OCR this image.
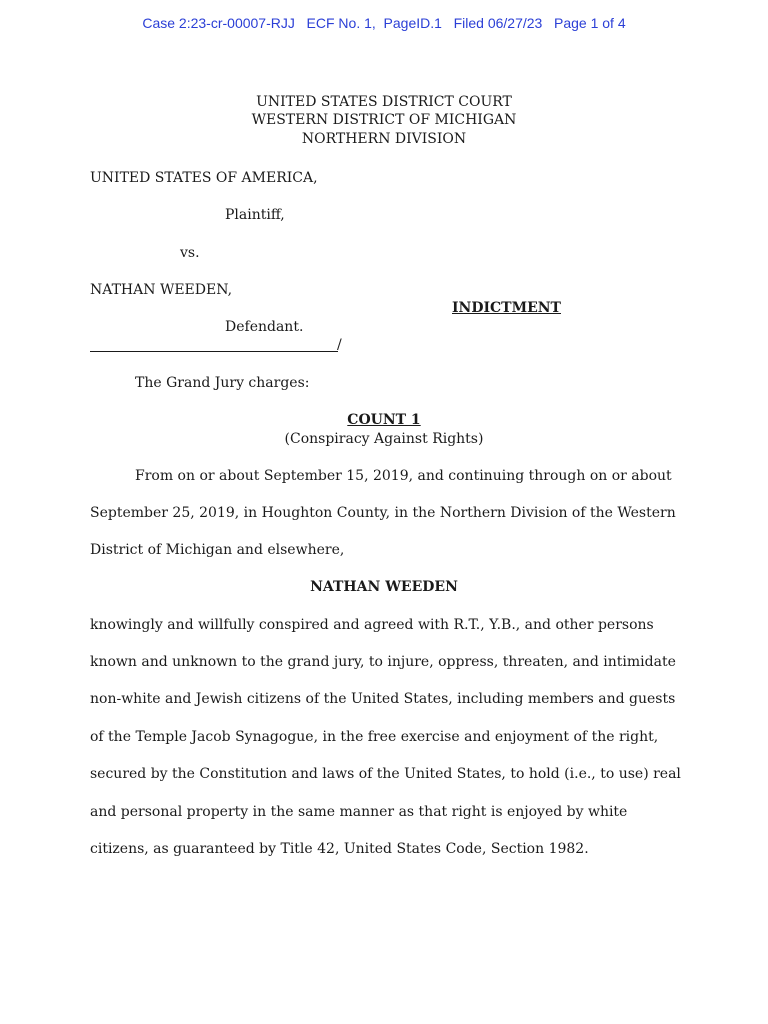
Case 2:23-cr-00007-RJJ   ECF No. 1,  PageID.1   Filed 06/27/23   Page 1 of 4
UNITED STATES DISTRICT COURT
WESTERN DISTRICT OF MICHIGAN
NORTHERN DIVISION
UNITED STATES OF AMERICA,
Plaintiff,
vs.
NATHAN WEEDEN,
INDICTMENT
Defendant.
/
The Grand Jury charges:
COUNT 1
(Conspiracy Against Rights)
From on or about September 15, 2019, and continuing through on or about
September 25, 2019, in Houghton County, in the Northern Division of the Western
District of Michigan and elsewhere,
NATHAN WEEDEN
knowingly and willfully conspired and agreed with R.T., Y.B., and other persons
known and unknown to the grand jury, to injure, oppress, threaten, and intimidate
non-white and Jewish citizens of the United States, including members and guests
of the Temple Jacob Synagogue, in the free exercise and enjoyment of the right,
secured by the Constitution and laws of the United States, to hold (i.e., to use) real
and personal property in the same manner as that right is enjoyed by white
citizens, as guaranteed by Title 42, United States Code, Section 1982.
